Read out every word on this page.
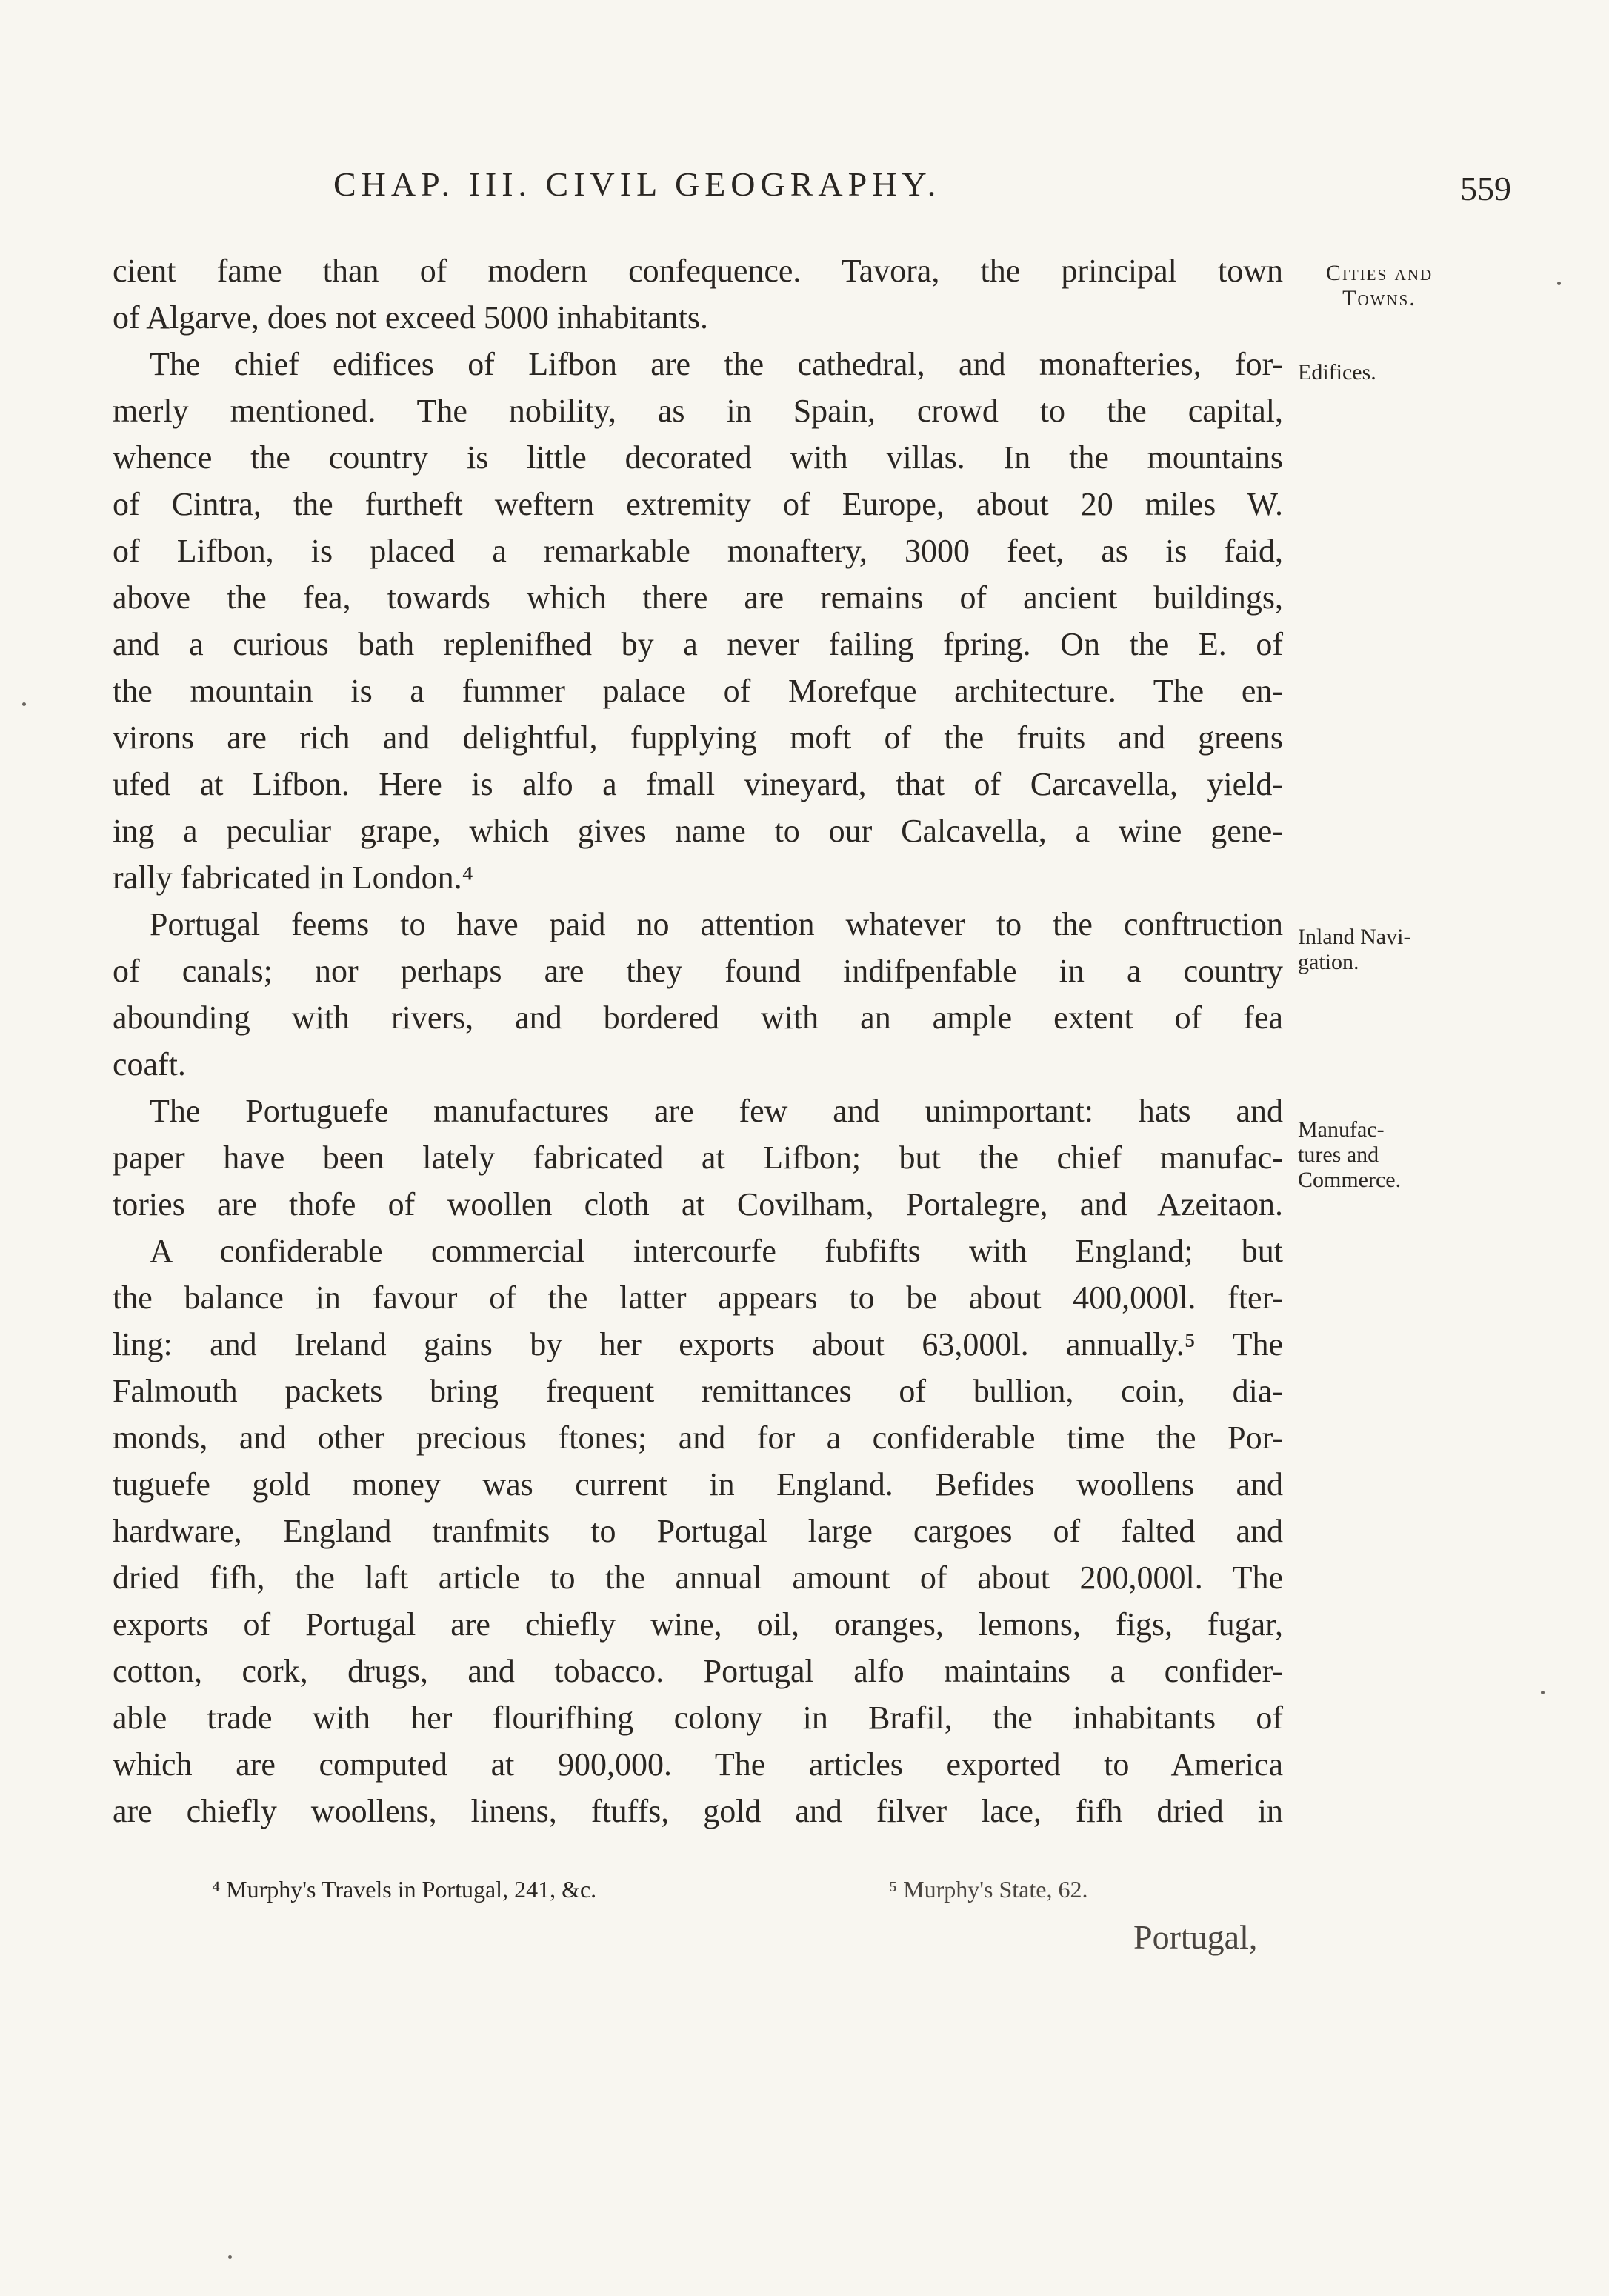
CHAP. III. CIVIL GEOGRAPHY.	559
cient fame than of modern confequence. Tavora, the principal town
of Algarve, does not exceed 5000 inhabitants.
The chief edifices of Lifbon are the cathedral, and monafteries, for-
merly mentioned. The nobility, as in Spain, crowd to the capital,
whence the country is little decorated with villas. In the mountains
of Cintra, the furtheft weftern extremity of Europe, about 20 miles W.
of Lifbon, is placed a remarkable monaftery, 3000 feet, as is faid,
above the fea, towards which there are remains of ancient buildings,
and a curious bath replenifhed by a never failing fpring. On the E. of
the mountain is a fummer palace of Morefque architecture. The en-
virons are rich and delightful, fupplying moft of the fruits and greens
ufed at Lifbon. Here is alfo a fmall vineyard, that of Carcavella, yield-
ing a peculiar grape, which gives name to our Calcavella, a wine gene-
rally fabricated in London.⁴
Portugal feems to have paid no attention whatever to the conftruction
of canals; nor perhaps are they found indifpenfable in a country
abounding with rivers, and bordered with an ample extent of fea
coaft.
The Portuguefe manufactures are few and unimportant: hats and
paper have been lately fabricated at Lifbon; but the chief manufac-
tories are thofe of woollen cloth at Covilham, Portalegre, and Azeitaon.
A confiderable commercial intercourfe fubfifts with England; but
the balance in favour of the latter appears to be about 400,000l. fter-
ling: and Ireland gains by her exports about 63,000l. annually.⁵ The
Falmouth packets bring frequent remittances of bullion, coin, dia-
monds, and other precious ftones; and for a confiderable time the Por-
tuguefe gold money was current in England. Befides woollens and
hardware, England tranfmits to Portugal large cargoes of falted and
dried fifh, the laft article to the annual amount of about 200,000l. The
exports of Portugal are chiefly wine, oil, oranges, lemons, figs, fugar,
cotton, cork, drugs, and tobacco. Portugal alfo maintains a confider-
able trade with her flourifhing colony in Brafil, the inhabitants of
which are computed at 900,000. The articles exported to America
are chiefly woollens, linens, ftuffs, gold and filver lace, fifh dried in
Cities and
Towns.
Edifices.
Inland Navi-
gation.
Manufac-
tures and
Commerce.
⁴ Murphy's Travels in Portugal, 241, &c.	⁵ Murphy's State, 62.
Portugal,
